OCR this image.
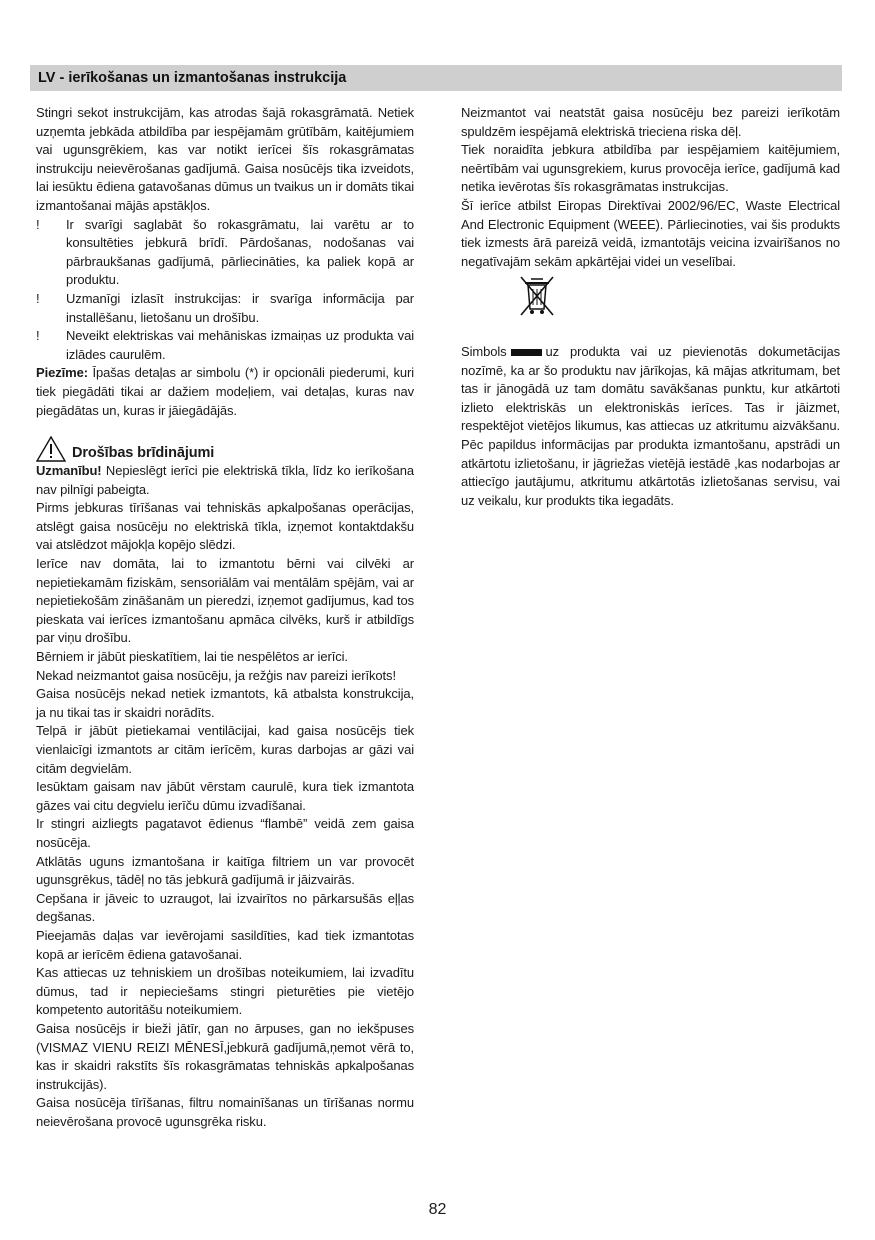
LV - ierīkošanas un izmantošanas instrukcija

Stingri sekot instrukcijām, kas atrodas šajā rokasgrāmatā. Netiek uzņemta jebkāda atbildība par iespējamām grūtībām, kaitējumiem vai ugunsgrēkiem, kas var notikt ierīcei šīs rokasgrāmatas instrukciju neievērošanas gadījumā. Gaisa nosūcējs tika izveidots, lai iesūktu ēdiena gatavošanas dūmus un tvaikus un ir domāts tikai izmantošanai mājās apstākļos.

! Ir svarīgi saglabāt šo rokasgrāmatu, lai varētu ar to konsultēties jebkurā brīdī. Pārdošanas, nodošanas vai pārbraukšanas gadījumā, pārliecināties, ka paliek kopā ar produktu.

! Uzmanīgi izlasīt instrukcijas: ir svarīga informācija par installēšanu, lietošanu un drošību.

! Neveikt elektriskas vai mehāniskas izmaiņas uz produkta vai izlādes caurulēm.

Piezīme: Īpašas detaļas ar simbolu (*) ir opcionāli piederumi, kuri tiek piegādāti tikai ar dažiem modeļiem, vai detaļas, kuras nav piegādātas un, kuras ir jāiegādājās.

Drošības brīdinājumi

Uzmanību! Nepieslēgt ierīci pie elektriskā tīkla, līdz ko ierīkošana nav pilnīgi pabeigta.

Pirms jebkuras tīrīšanas vai tehniskās apkalpošanas operācijas, atslēgt gaisa nosūcēju no elektriskā tīkla, izņemot kontaktdakšu vai atslēdzot mājokļa kopējo slēdzi.

Ierīce nav domāta, lai to izmantotu bērni vai cilvēki ar nepietiekamām fiziskām, sensoriālām vai mentālām spējām, vai ar nepietiekošām zināšanām un pieredzi, izņemot gadījumus, kad tos pieskata vai ierīces izmantošanu apmāca cilvēks, kurš ir atbildīgs par viņu drošību.

Bērniem ir jābūt pieskatītiem, lai tie nespēlētos ar ierīci.

Nekad neizmantot gaisa nosūcēju, ja režģis nav pareizi ierīkots!

Gaisa nosūcējs nekad netiek izmantots, kā atbalsta konstrukcija, ja nu tikai tas ir skaidri norādīts.

Telpā ir jābūt pietiekamai ventilācijai, kad gaisa nosūcējs tiek vienlaicīgi izmantots ar citām ierīcēm, kuras darbojas ar gāzi vai citām degvielām.

Iesūktam gaisam nav jābūt vērstam caurulē, kura tiek izmantota gāzes vai citu degvielu ierīču dūmu izvadīšanai.

Ir stingri aizliegts pagatavot ēdienus “flambē” veidā zem gaisa nosūcēja.

Atklātās uguns izmantošana ir kaitīga filtriem un var provocēt ugunsgrēkus, tādēļ no tās jebkurā gadījumā ir jāizvairās.

Cepšana ir jāveic to uzraugot, lai izvairītos no pārkarsušās eļļas degšanas.

Pieejamās daļas var ievērojami sasildīties, kad tiek izmantotas kopā ar ierīcēm ēdiena gatavošanai.

Kas attiecas uz tehniskiem un drošības noteikumiem, lai izvadītu dūmus, tad ir nepieciešams stingri pieturēties pie vietējo kompetento autoritāšu noteikumiem.

Gaisa nosūcējs ir bieži jātīr, gan no ārpuses, gan no iekšpuses (VISMAZ VIENU REIZI MĒNESĪ,jebkurā gadījumā,ņemot vērā to, kas ir skaidri rakstīts šīs rokasgrāmatas tehniskās apkalpošanas instrukcijās).

Gaisa nosūcēja tīrīšanas, filtru nomainīšanas un tīrīšanas normu neievērošana provocē ugunsgrēka risku.

Neizmantot vai neatstāt gaisa nosūcēju bez pareizi ierīkotām spuldzēm iespējamā elektriskā trieciena riska dēļ.

Tiek noraidīta jebkura atbildība par iespējamiem kaitējumiem, neērtībām vai ugunsgrekiem, kurus provocēja ierīce, gadījumā kad netika ievērotas šīs rokasgrāmatas instrukcijas.

Šī ierīce atbilst Eiropas Direktīvai 2002/96/EC, Waste Electrical And Electronic Equipment (WEEE). Pārliecinoties, vai šis produkts tiek izmests ārā pareizā veidā, izmantotājs veicina izvairīšanos no negatīvajām sekām apkārtējai videi un veselībai.

Simbols	uz produkta vai uz pievienotās dokumetācijas nozīmē, ka ar šo produktu nav jārīkojas, kā mājas atkritumam, bet tas ir jānogādā uz tam domātu savākšanas punktu, kur atkārtoti izlieto elektriskās un elektroniskās ierīces. Tas ir jāizmet, respektējot vietējos likumus, kas attiecas uz atkritumu aizvākšanu. Pēc papildus informācijas par produkta izmantošanu, apstrādi un atkārtotu izlietošanu, ir jāgriežas vietējā iestādē ,kas nodarbojas ar attiecīgo jautājumu, atkritumu atkārtotās izlietošanas servisu, vai uz veikalu, kur produkts tika iegadāts.

82
